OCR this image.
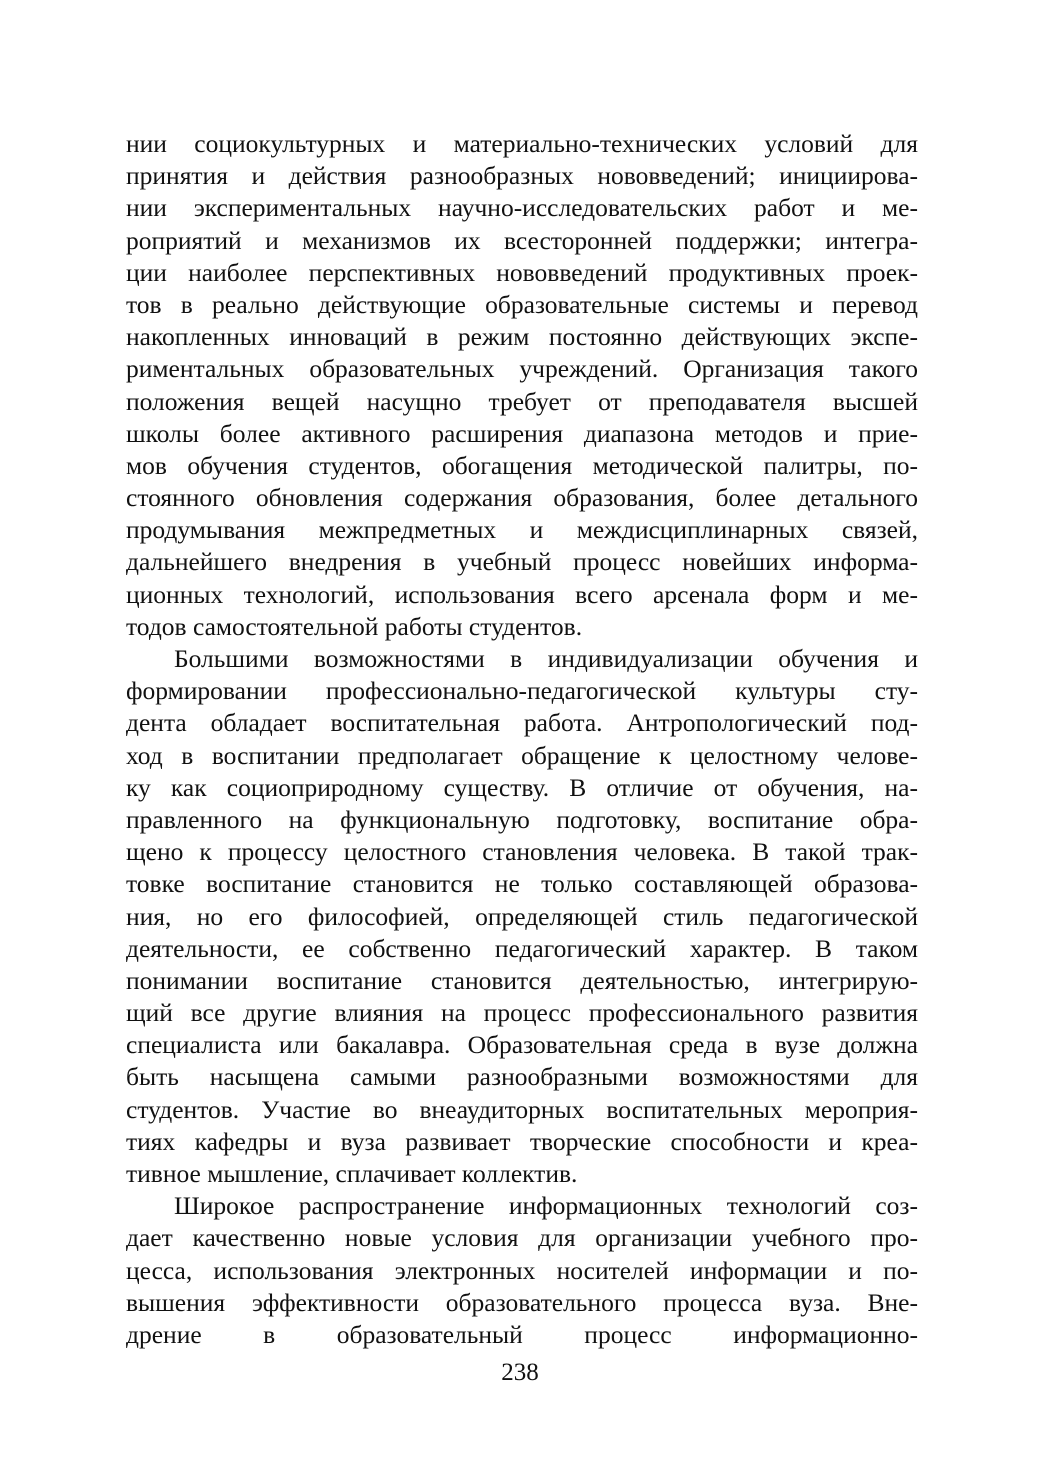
нии социокультурных и материально-технических условий для
принятия и действия разнообразных нововведений; инициирова-
нии экспериментальных научно-исследовательских работ и ме-
роприятий и механизмов их всесторонней поддержки; интегра-
ции наиболее перспективных нововведений продуктивных проек-
тов в реально действующие образовательные системы и перевод
накопленных инноваций в режим постоянно действующих экспе-
риментальных образовательных учреждений. Организация такого
положения вещей насущно требует от преподавателя высшей
школы более активного расширения диапазона методов и прие-
мов обучения студентов, обогащения методической палитры, по-
стоянного обновления содержания образования, более детального
продумывания межпредметных и междисциплинарных связей,
дальнейшего внедрения в учебный процесс новейших информа-
ционных технологий, использования всего арсенала форм и ме-
тодов самостоятельной работы студентов.
Большими возможностями в индивидуализации обучения и
формировании профессионально-педагогической культуры сту-
дента обладает воспитательная работа. Антропологический под-
ход в воспитании предполагает обращение к целостному челове-
ку как социоприродному существу. В отличие от обучения, на-
правленного на функциональную подготовку, воспитание обра-
щено к процессу целостного становления человека. В такой трак-
товке воспитание становится не только составляющей образова-
ния, но его философией, определяющей стиль педагогической
деятельности, ее собственно педагогический характер. В таком
понимании воспитание становится деятельностью, интегрирую-
щий все другие влияния на процесс профессионального развития
специалиста или бакалавра. Образовательная среда в вузе должна
быть насыщена самыми разнообразными возможностями для
студентов. Участие во внеаудиторных воспитательных мероприя-
тиях кафедры и вуза развивает творческие способности и креа-
тивное мышление, сплачивает коллектив.
Широкое распространение информационных технологий соз-
дает качественно новые условия для организации учебного про-
цесса, использования электронных носителей информации и по-
вышения эффективности образовательного процесса вуза. Вне-
дрение в образовательный процесс информационно-
238
